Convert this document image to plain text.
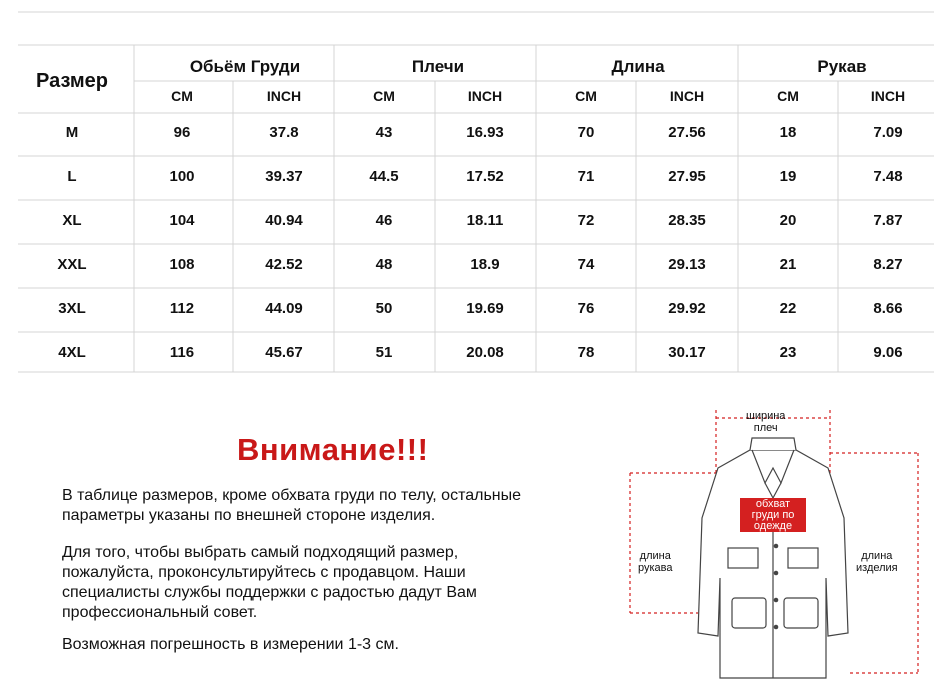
Размер
Обьём Груди	Плечи	Длина	Рукав
CM	INCH	CM	INCH	CM	INCH	CM	INCH
M	96	37.8	43	16.93	70	27.56	18	7.09
L	100	39.37	44.5	17.52	71	27.95	19	7.48
XL	104	40.94	46	18.11	72	28.35	20	7.87
XXL	108	42.52	48	18.9	74	29.13	21	8.27
3XL	112	44.09	50	19.69	76	29.92	22	8.66
4XL	116	45.67	51	20.08	78	30.17	23	9.06
Внимание!!!
В таблице размеров, кроме обхвата груди по телу, остальные
параметры указаны по внешней стороне изделия.
Для того, чтобы выбрать самый подходящий размер,
пожалуйста, проконсультируйтесь с продавцом. Наши
специалисты службы поддержки с радостью дадут Вам
профессиональный совет.
Возможная погрешность в измерении 1-3 см.
ширина
плеч
обхват
груди по
одежде
длина
рукава
длина
изделия
